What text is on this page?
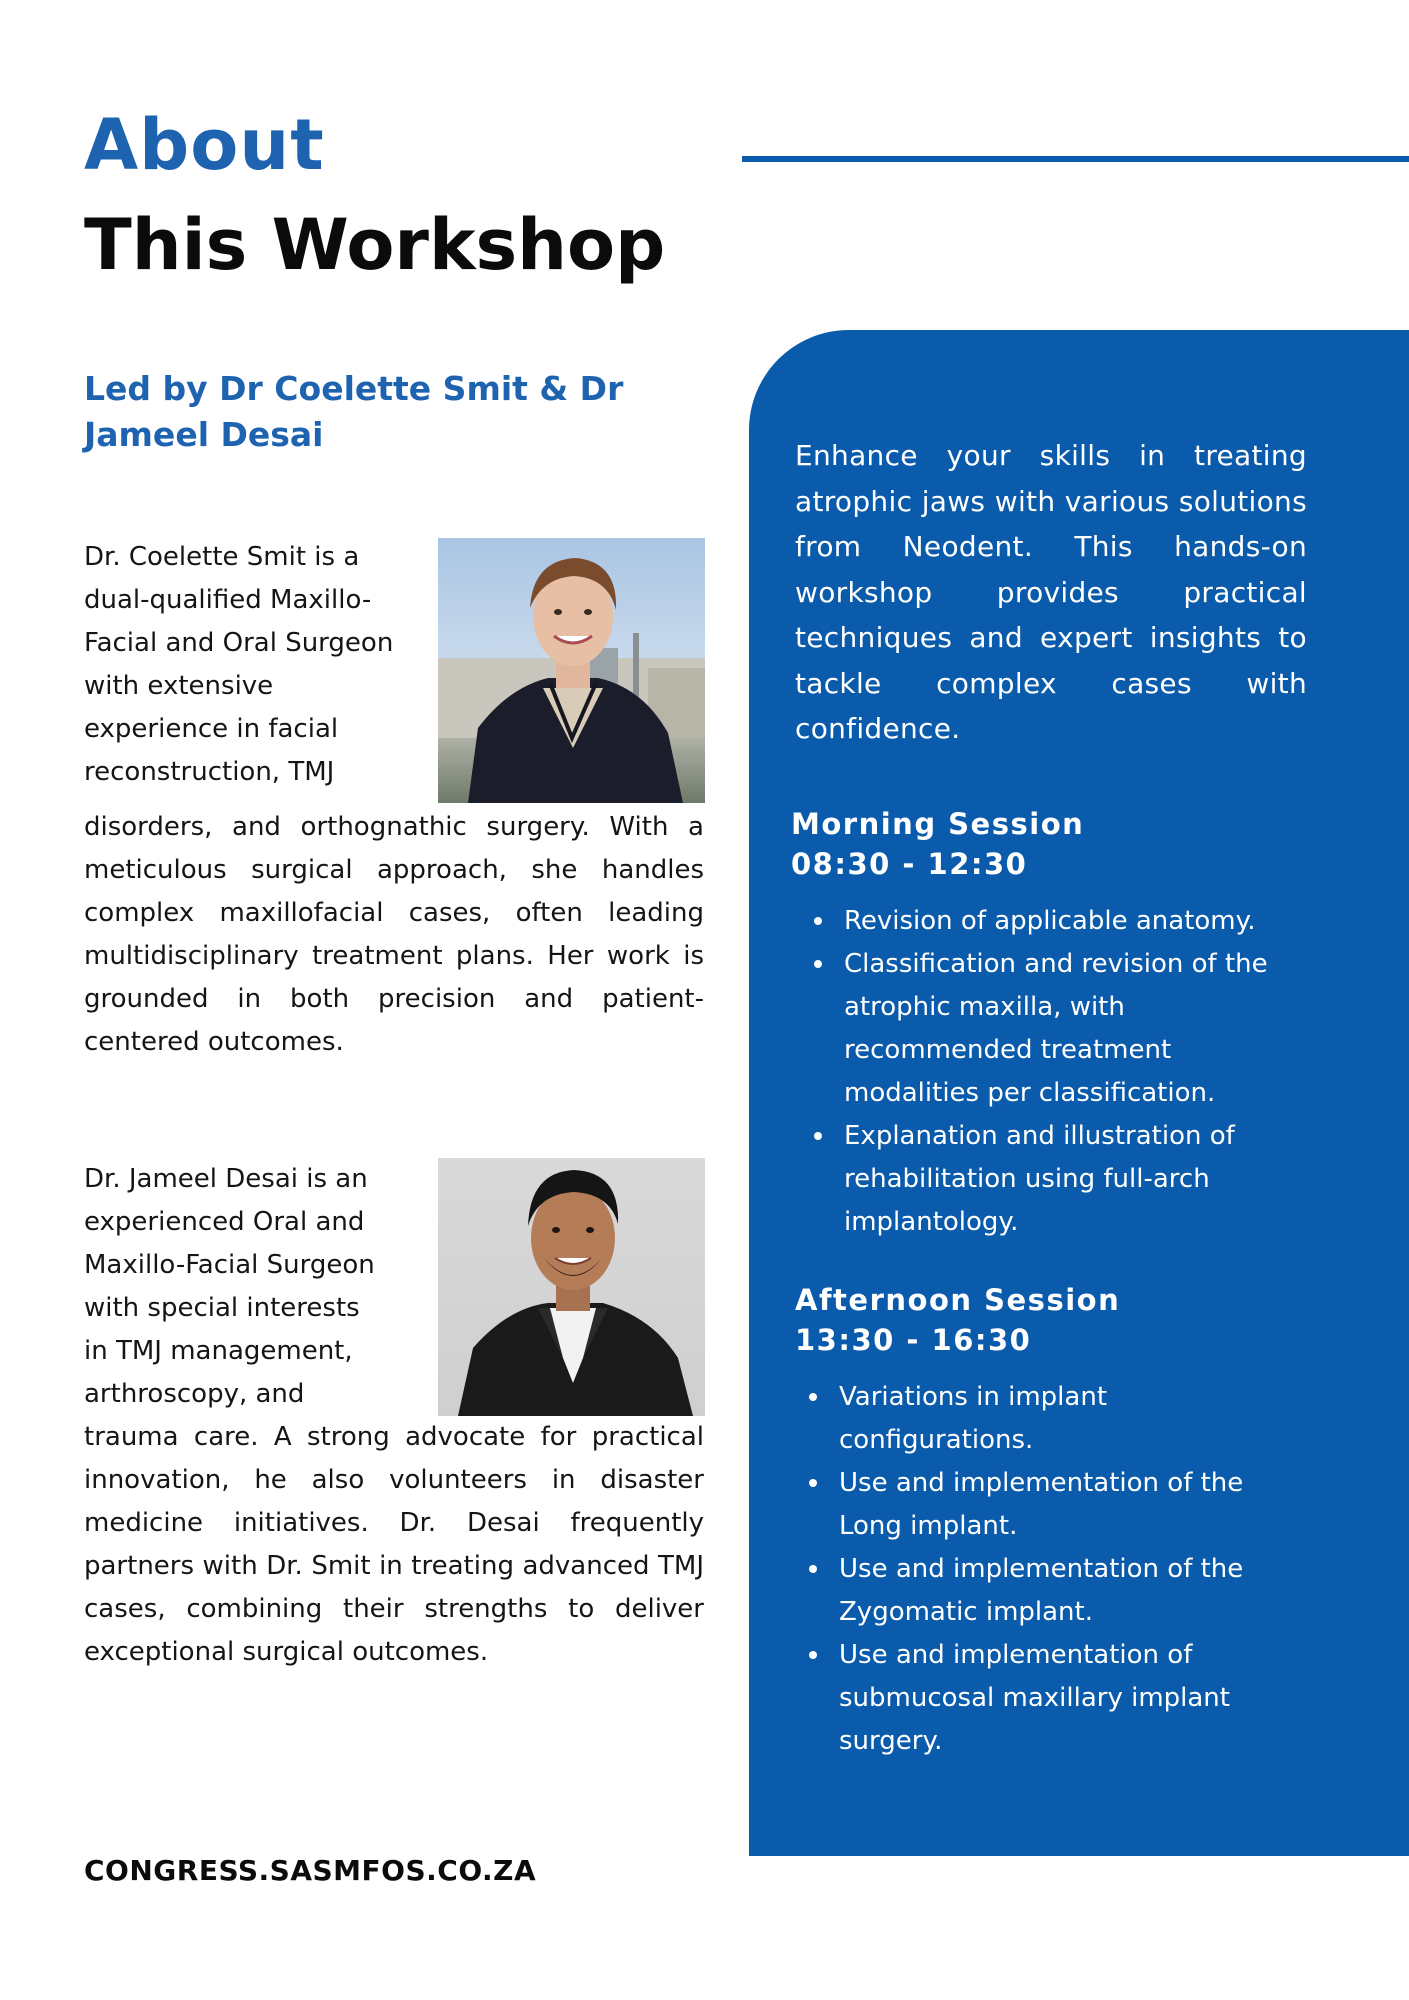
About
This Workshop
Led by Dr Coelette Smit & Dr Jameel Desai
Dr. Coelette Smit is a
dual-qualified Maxillo-
Facial and Oral Surgeon
with extensive
experience in facial
reconstruction, TMJ
disorders, and orthognathic surgery. With a meticulous surgical approach, she handles complex maxillofacial cases, often leading multidisciplinary treatment plans. Her work is grounded in both precision and patient-centered outcomes.
Dr. Jameel Desai is an
experienced Oral and
Maxillo-Facial Surgeon
with special interests
in TMJ management,
arthroscopy, and
trauma care. A strong advocate for practical innovation, he also volunteers in disaster medicine initiatives. Dr. Desai frequently partners with Dr. Smit in treating advanced TMJ cases, combining their strengths to deliver exceptional surgical outcomes.
Enhance your skills in treating atrophic jaws with various solutions from Neodent. This hands-on workshop provides practical techniques and expert insights to tackle complex cases with confidence.
Morning Session
08:30 - 12:30
Revision of applicable anatomy.
Classification and revision of the atrophic maxilla, with recommended treatment modalities per classification.
Explanation and illustration of rehabilitation using full-arch implantology.
Afternoon Session
13:30 - 16:30
Variations in implant configurations.
Use and implementation of the Long implant.
Use and implementation of the Zygomatic implant.
Use and implementation of submucosal maxillary implant surgery.
CONGRESS.SASMFOS.CO.ZA
